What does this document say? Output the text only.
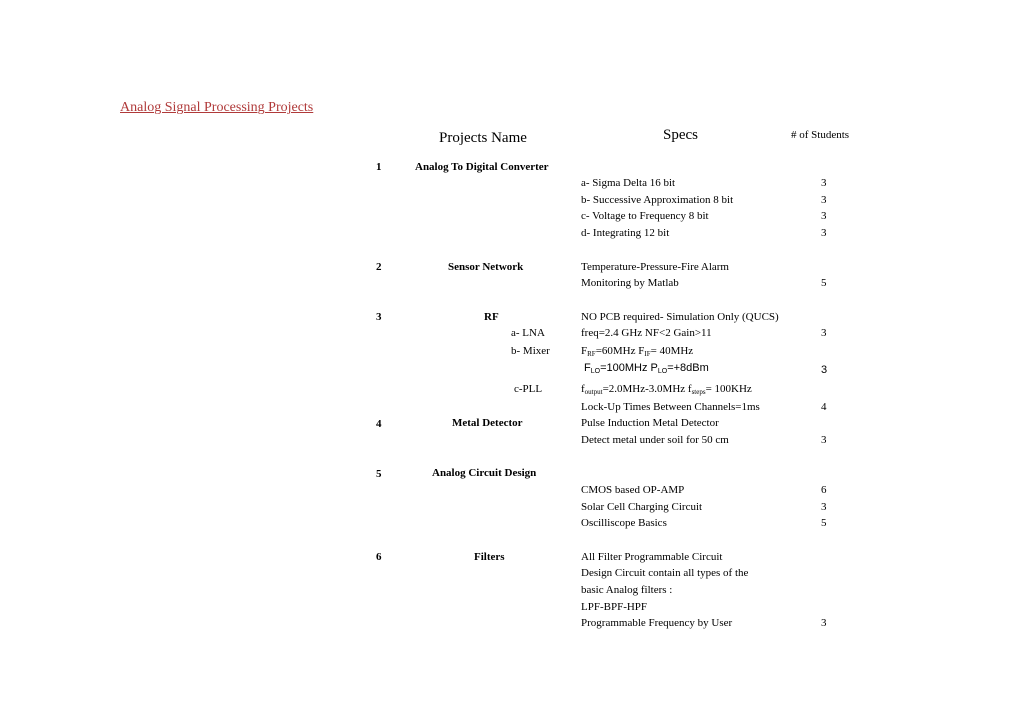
Analog Signal Processing Projects
Projects Name	Specs	# of Students
1	Analog To Digital Converter
a- Sigma Delta 16 bit	3
b- Successive Approximation 8 bit	3
c- Voltage to Frequency 8 bit	3
d- Integrating 12 bit	3
2	Sensor Network	Temperature-Pressure-Fire Alarm
Monitoring by Matlab	5
3	RF	NO PCB required- Simulation Only (QUCS)
a- LNA	freq=2.4 GHz NF<2 Gain>11	3
b- Mixer	$F_{RF}=60MHz$ $F_{IF}= 40MHz$
$F_{LO}=100MHz$ $P_{LO}=+8dBm$	3
c-PLL	$f_{output}=2.0MHz-3.0MHz$ $f_{steps}= 100KHz$
Lock-Up Times Between Channels=1ms	4
4	Metal Detector	Pulse Induction Metal Detector
Detect metal under soil for 50 cm	3
5	Analog Circuit Design
CMOS based OP-AMP	6
Solar Cell Charging Circuit	3
Oscilliscope Basics	5
6	Filters	All Filter Programmable Circuit
Design Circuit contain all types of the
basic Analog filters :
LPF-BPF-HPF
Programmable Frequency by User	3
